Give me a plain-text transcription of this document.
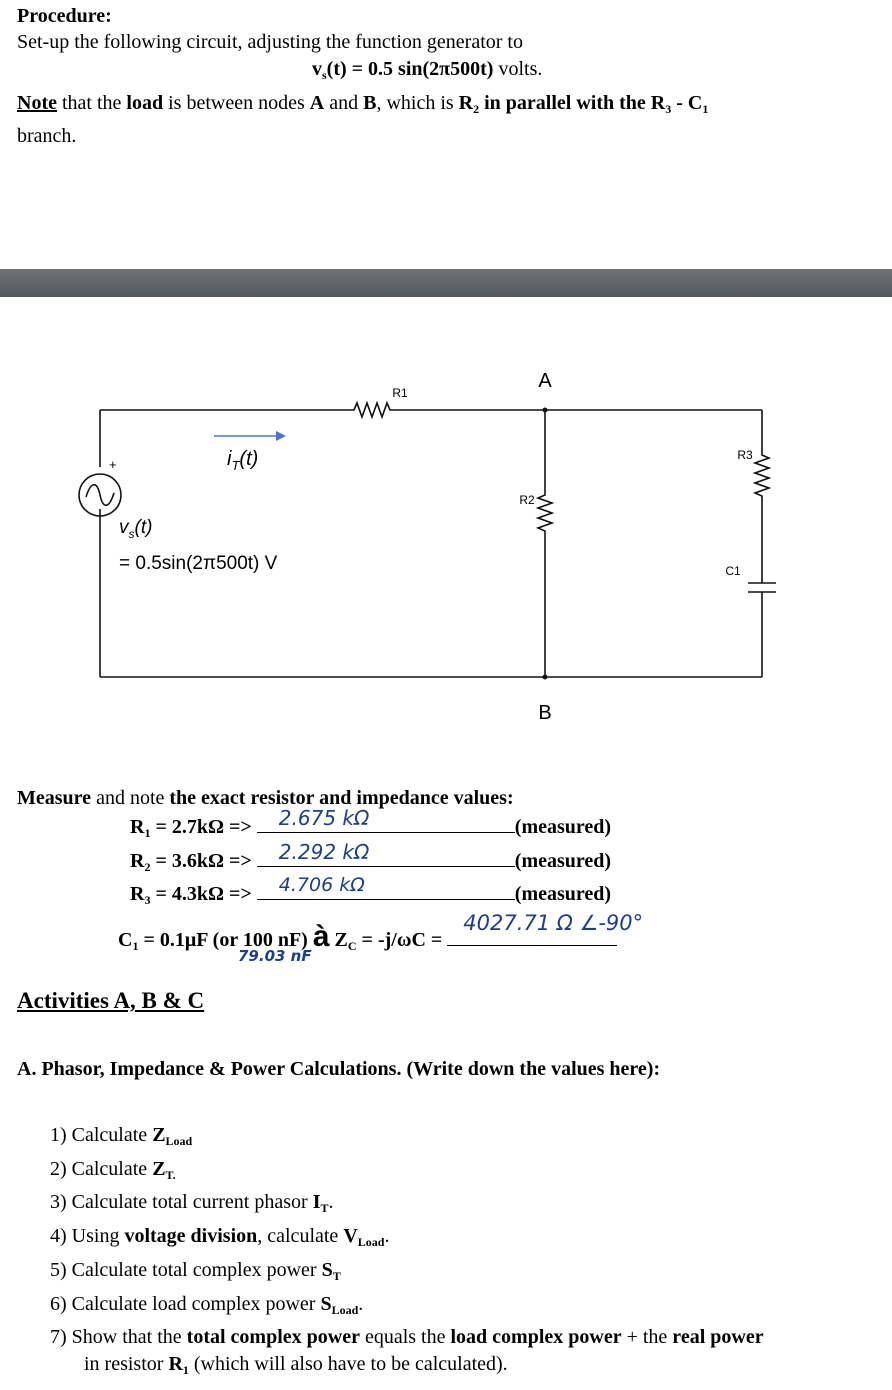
Procedure:
Set-up the following circuit, adjusting the function generator to
$v_s(t) = 0.5$ sin(2π500t) volts.
Note that the load is between nodes A and B, which is $R_2$ in parallel with the $R_3 - C_1$
branch.
A
B
R1
R2
R3
C1
+	$i_T(t)$
$v_s(t)$
= 0.5sin(2π500t) V
Measure and note the exact resistor and impedance values:
$R_1 = 2.7k\Omega => 2.675$ kΩ	(measured)
$R_2 = 3.6k\Omega => 2.292$ kΩ	(measured)
$R_3 = 4.3k\Omega => 4.706$ kΩ	(measured)
$C_1 = 0.1\mu F$ (or 100 nF) à $Z_C = -j/\omega C$ =
4027.71 Ω ∠-90°
79.03 nF
Activities A, B & C
A. Phasor, Impedance & Power Calculations. (Write down the values here):
1) Calculate $Z_{Load}$
2) Calculate $Z_{T.}$
3) Calculate total current phasor $I_T$.
4) Using voltage division, calculate $V_{Load}$.
5) Calculate total complex power $S_T$
6) Calculate load complex power $S_{Load}$.
7) Show that the total complex power equals the load complex power + the real power
in resistor $R_1$ (which will also have to be calculated).
